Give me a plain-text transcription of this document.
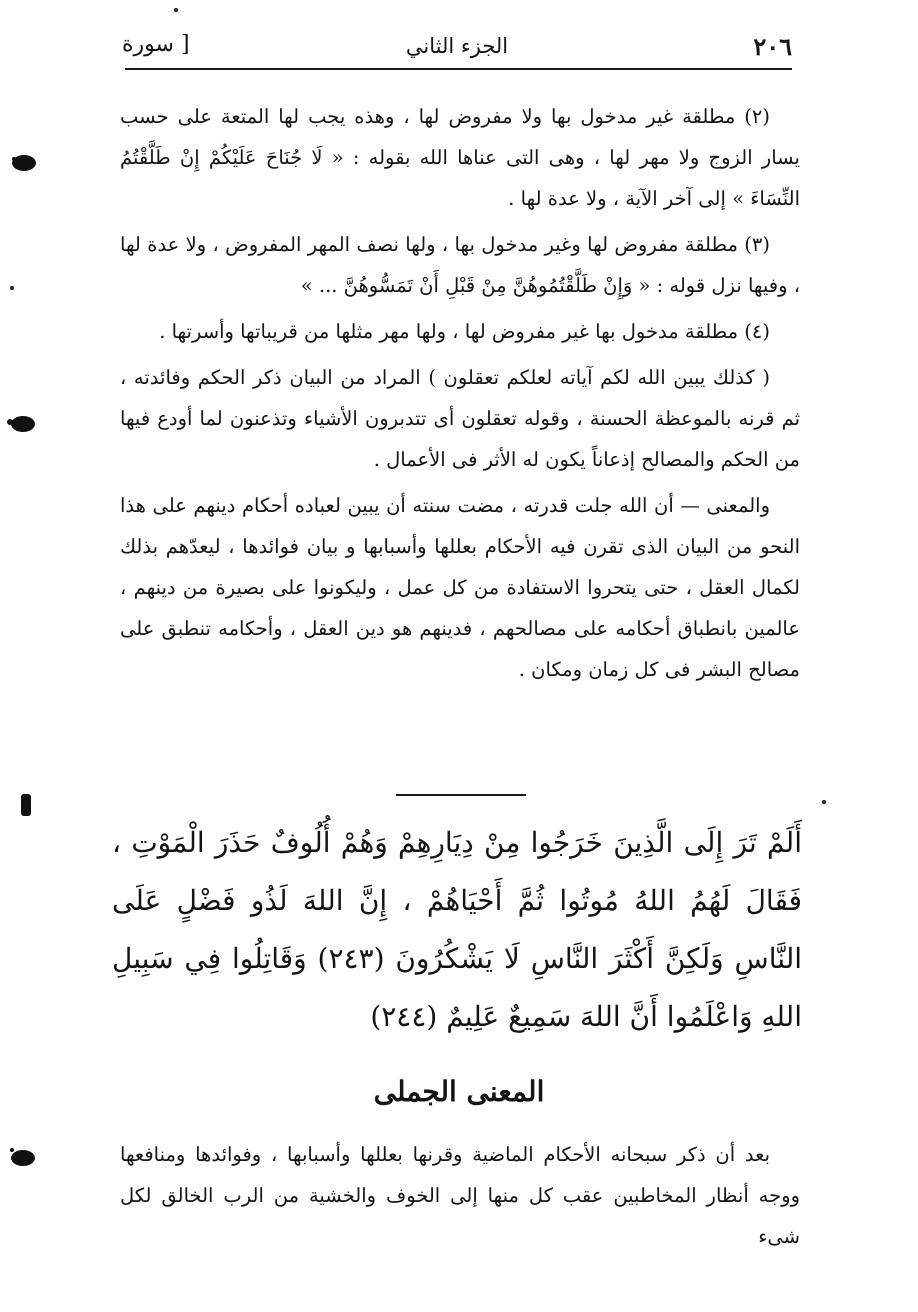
٢٠٦
الجزء الثاني
[ سورة

(٢) مطلقة غير مدخول بها ولا مفروض لها ، وهذه يجب لها المتعة على حسب يسار الزوج ولا مهر لها ، وهى التى عناها الله بقوله : « لَا جُنَاحَ عَلَيْكُمْ إِنْ طَلَّقْتُمُ النِّسَاءَ » إلى آخر الآية ، ولا عدة لها .

(٣) مطلقة مفروض لها وغير مدخول بها ، ولها نصف المهر المفروض ، ولا عدة لها ، وفيها نزل قوله : « وَإِنْ طَلَّقْتُمُوهُنَّ مِنْ قَبْلِ أَنْ تَمَسُّوهُنَّ ... »

(٤) مطلقة مدخول بها غير مفروض لها ، ولها مهر مثلها من قريباتها وأسرتها .

( كذلك يبين الله لكم آياته لعلكم تعقلون ) المراد من البيان ذكر الحكم وفائدته ، ثم قرنه بالموعظة الحسنة ، وقوله تعقلون أى تتدبرون الأشياء وتذعنون لما أودع فيها من الحكم والمصالح إذعاناً يكون له الأثر فى الأعمال .

والمعنى — أن الله جلت قدرته ، مضت سنته أن يبين لعباده أحكام دينهم على هذا النحو من البيان الذى تقرن فيه الأحكام بعللها وأسبابها و بيان فوائدها ، ليعدّهم بذلك لكمال العقل ، حتى يتحروا الاستفادة من كل عمل ، وليكونوا على بصيرة من دينهم ، عالمين بانطباق أحكامه على مصالحهم ، فدينهم هو دين العقل ، وأحكامه تنطبق على مصالح البشر فى كل زمان ومكان .

أَلَمْ تَرَ إِلَى الَّذِينَ خَرَجُوا مِنْ دِيَارِهِمْ وَهُمْ أُلُوفٌ حَذَرَ الْمَوْتِ ، فَقَالَ لَهُمُ اللهُ مُوتُوا ثُمَّ أَحْيَاهُمْ ، إِنَّ اللهَ لَذُو فَضْلٍ عَلَى النَّاسِ وَلَكِنَّ أَكْثَرَ النَّاسِ لَا يَشْكُرُونَ (٢٤٣) وَقَاتِلُوا فِي سَبِيلِ اللهِ وَاعْلَمُوا أَنَّ اللهَ سَمِيعٌ عَلِيمٌ (٢٤٤)

المعنى الجملى

بعد أن ذكر سبحانه الأحكام الماضية وقرنها بعللها وأسبابها ، وفوائدها ومنافعها ووجه أنظار المخاطبين عقب كل منها إلى الخوف والخشية من الرب الخالق لكل شىء
